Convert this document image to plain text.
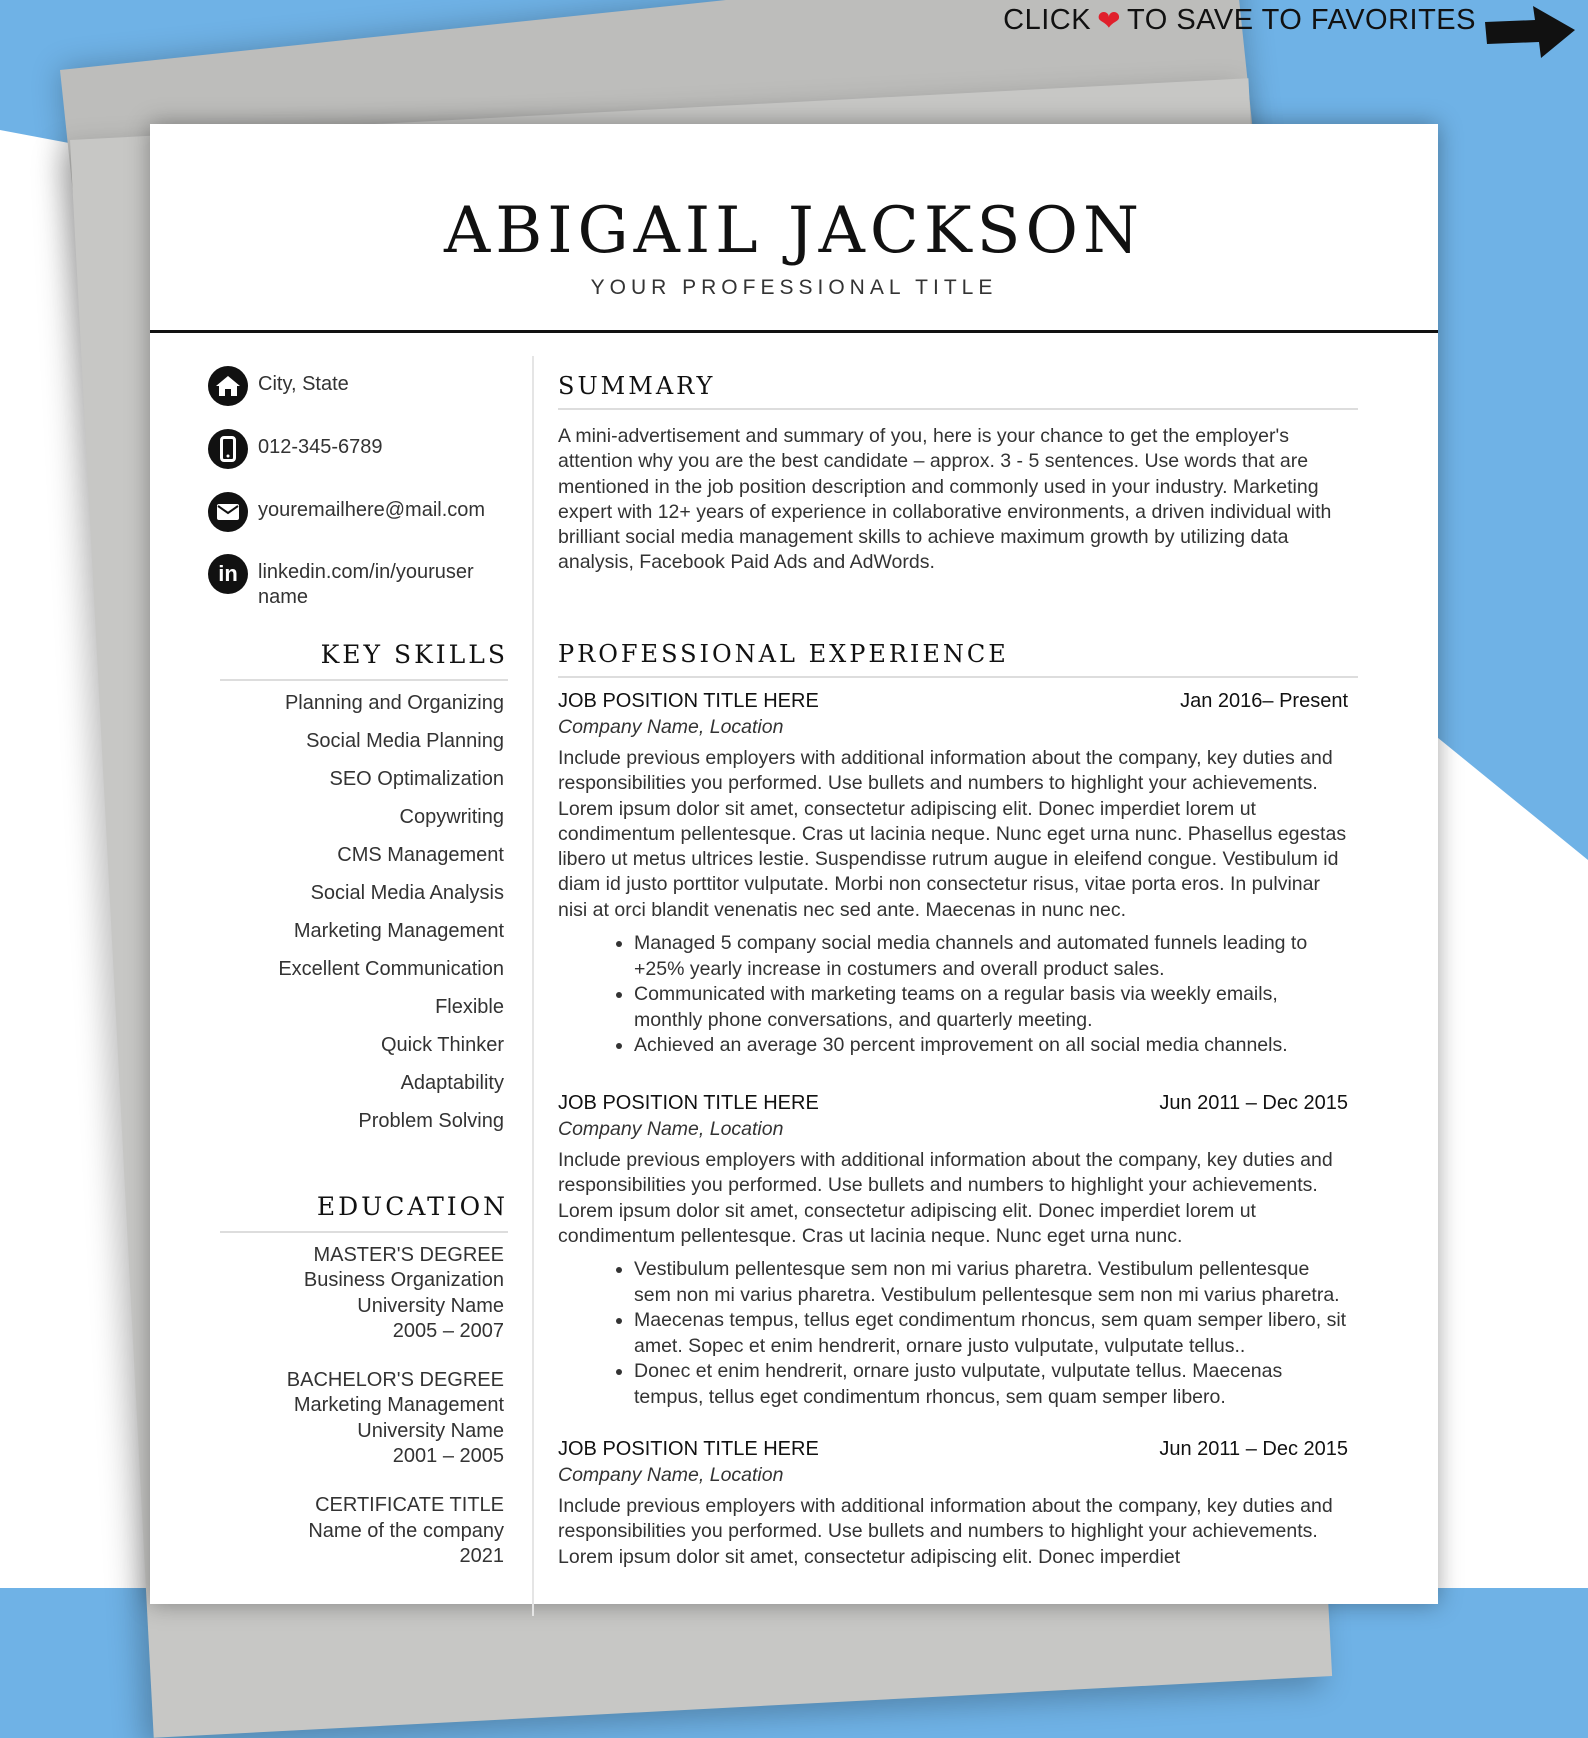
CLICK ❤ TO SAVE TO FAVORITES
ABIGAIL JACKSON
YOUR PROFESSIONAL TITLE
City, State
012-345-6789
youremailhere@mail.com
in linkedin.com/in/youruser name
KEY SKILLS
Planning and Organizing
Social Media Planning
SEO Optimalization
Copywriting
CMS Management
Social Media Analysis
Marketing Management
Excellent Communication
Flexible
Quick Thinker
Adaptability
Problem Solving
EDUCATION
MASTER'S DEGREE
Business Organization
University Name
2005 – 2007
BACHELOR'S DEGREE
Marketing Management
University Name
2001 – 2005
CERTIFICATE TITLE
Name of the company
2021
SUMMARY
A mini-advertisement and summary of you, here is your chance to get the employer's attention why you are the best candidate – approx. 3 - 5 sentences. Use words that are mentioned in the job position description and commonly used in your industry. Marketing expert with 12+ years of experience in collaborative environments, a driven individual with brilliant social media management skills to achieve maximum growth by utilizing data analysis, Facebook Paid Ads and AdWords.
PROFESSIONAL EXPERIENCE
JOB POSITION TITLE HERE	Jan 2016– Present
Company Name, Location
Include previous employers with additional information about the company, key duties and responsibilities you performed. Use bullets and numbers to highlight your achievements. Lorem ipsum dolor sit amet, consectetur adipiscing elit. Donec imperdiet lorem ut condimentum pellentesque. Cras ut lacinia neque. Nunc eget urna nunc. Phasellus egestas libero ut metus ultrices lestie. Suspendisse rutrum augue in eleifend congue. Vestibulum id diam id justo porttitor vulputate. Morbi non consectetur risus, vitae porta eros. In pulvinar nisi at orci blandit venenatis nec sed ante. Maecenas in nunc nec.
• Managed 5 company social media channels and automated funnels leading to +25% yearly increase in costumers and overall product sales.
• Communicated with marketing teams on a regular basis via weekly emails, monthly phone conversations, and quarterly meeting.
• Achieved an average 30 percent improvement on all social media channels.
JOB POSITION TITLE HERE	Jun 2011 – Dec 2015
Company Name, Location
Include previous employers with additional information about the company, key duties and responsibilities you performed. Use bullets and numbers to highlight your achievements. Lorem ipsum dolor sit amet, consectetur adipiscing elit. Donec imperdiet lorem ut condimentum pellentesque. Cras ut lacinia neque. Nunc eget urna nunc.
• Vestibulum pellentesque sem non mi varius pharetra. Vestibulum pellentesque sem non mi varius pharetra. Vestibulum pellentesque sem non mi varius pharetra.
• Maecenas tempus, tellus eget condimentum rhoncus, sem quam semper libero, sit amet. Sopec et enim hendrerit, ornare justo vulputate, vulputate tellus..
• Donec et enim hendrerit, ornare justo vulputate, vulputate tellus. Maecenas tempus, tellus eget condimentum rhoncus, sem quam semper libero.
JOB POSITION TITLE HERE	Jun 2011 – Dec 2015
Company Name, Location
Include previous employers with additional information about the company, key duties and responsibilities you performed. Use bullets and numbers to highlight your achievements. Lorem ipsum dolor sit amet, consectetur adipiscing elit. Donec imperdiet
